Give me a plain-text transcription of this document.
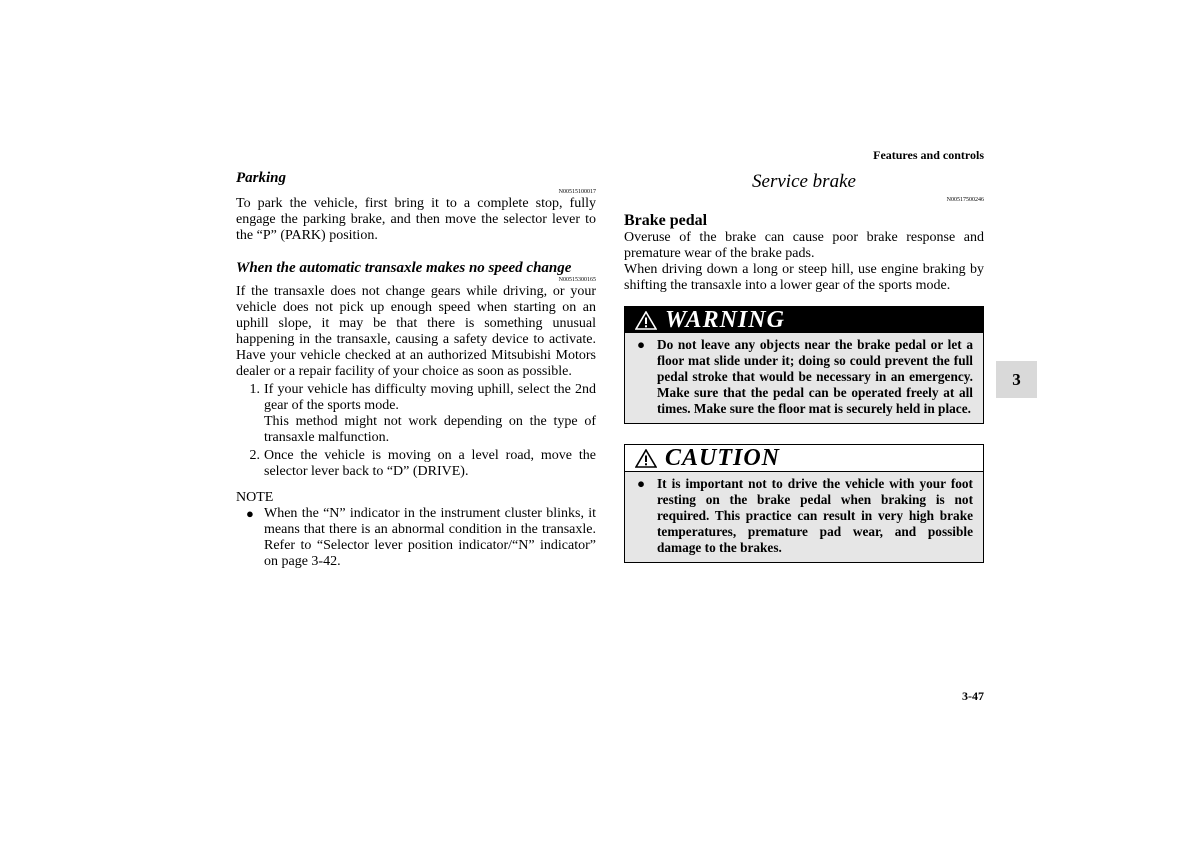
Features and controls
Parking
N00515100017

To park the vehicle, first bring it to a complete stop, fully engage the parking brake, and then move the selector lever to the “P” (PARK) position.

When the automatic transaxle makes no speed change
N00515300165

If the transaxle does not change gears while driving, or your vehicle does not pick up enough speed when starting on an uphill slope, it may be that there is something unusual happening in the transaxle, causing a safety device to activate. Have your vehicle checked at an authorized Mitsubishi Motors dealer or a repair facility of your choice as soon as possible.

1. If your vehicle has difficulty moving uphill, select the 2nd gear of the sports mode.
This method might not work depending on the type of transaxle malfunction.
2. Once the vehicle is moving on a level road, move the selector lever back to “D” (DRIVE).
NOTE
● When the “N” indicator in the instrument cluster blinks, it means that there is an abnormal condition in the transaxle. Refer to “Selector lever position indicator/“N” indicator” on page 3-42.
Service brake
N00517500246
Brake pedal

Overuse of the brake can cause poor brake response and premature wear of the brake pads.

When driving down a long or steep hill, use engine braking by shifting the transaxle into a lower gear of the sports mode.

WARNING
● Do not leave any objects near the brake pedal or let a floor mat slide under it; doing so could prevent the full pedal stroke that would be necessary in an emergency. Make sure that the pedal can be operated freely at all times. Make sure the floor mat is securely held in place.
CAUTION
● It is important not to drive the vehicle with your foot resting on the brake pedal when braking is not required. This practice can result in very high brake temperatures, premature pad wear, and possible damage to the brakes.
3
3-47
